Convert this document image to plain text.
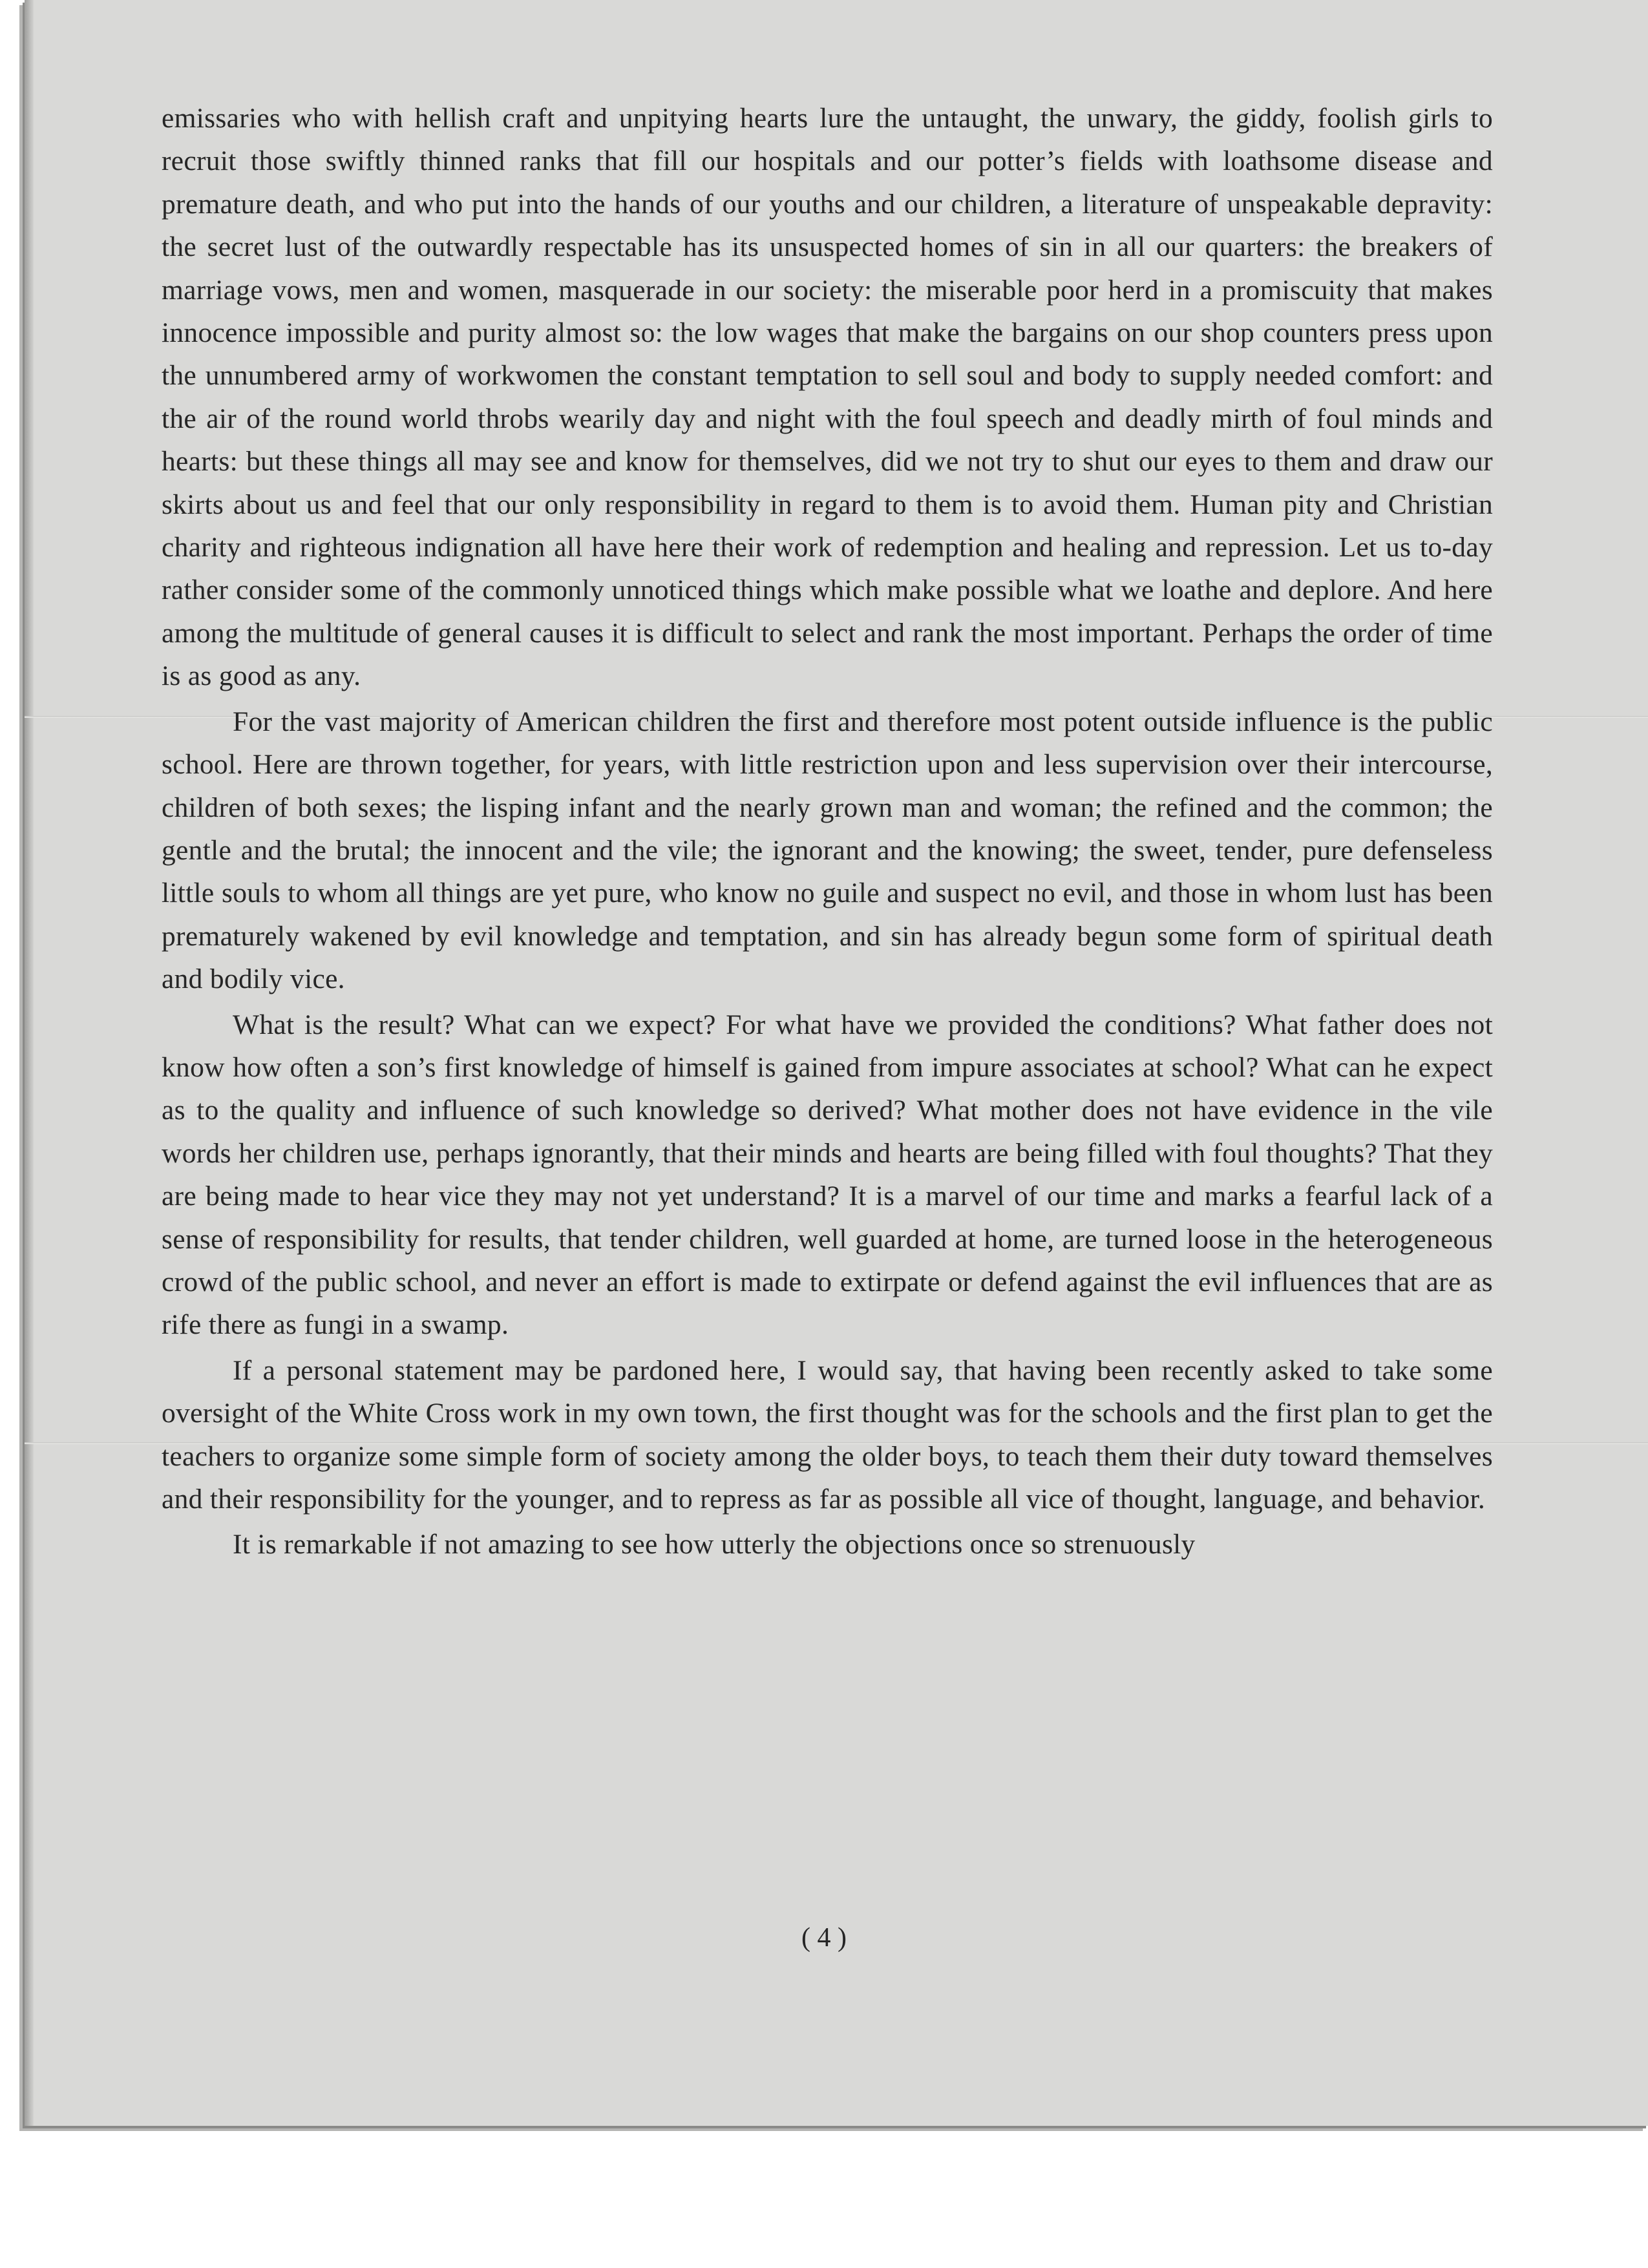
emissaries who with hellish craft and unpitying hearts lure the untaught, the unwary, the giddy, foolish girls to recruit those swiftly thinned ranks that fill our hospitals and our potter’s fields with loathsome disease and premature death, and who put into the hands of our youths and our children, a literature of unspeakable depravity: the secret lust of the outwardly respectable has its unsuspected homes of sin in all our quarters: the breakers of marriage vows, men and women, masquerade in our society: the miserable poor herd in a promiscuity that makes innocence impossible and purity almost so: the low wages that make the bargains on our shop counters press upon the unnumbered army of workwomen the constant temptation to sell soul and body to supply needed comfort: and the air of the round world throbs wearily day and night with the foul speech and deadly mirth of foul minds and hearts: but these things all may see and know for themselves, did we not try to shut our eyes to them and draw our skirts about us and feel that our only responsibility in regard to them is to avoid them. Human pity and Christian charity and righteous indignation all have here their work of redemption and healing and repression. Let us to-day rather consider some of the commonly unnoticed things which make possible what we loathe and deplore. And here among the multitude of general causes it is difficult to select and rank the most important. Perhaps the order of time is as good as any.

For the vast majority of American children the first and therefore most potent outside influence is the public school. Here are thrown together, for years, with little restriction upon and less supervision over their intercourse, children of both sexes; the lisping infant and the nearly grown man and woman; the refined and the common; the gentle and the brutal; the innocent and the vile; the ignorant and the knowing; the sweet, tender, pure defenseless little souls to whom all things are yet pure, who know no guile and suspect no evil, and those in whom lust has been prematurely wakened by evil knowledge and temptation, and sin has already begun some form of spiritual death and bodily vice.

What is the result? What can we expect? For what have we provided the conditions? What father does not know how often a son’s first knowledge of himself is gained from impure associates at school? What can he expect as to the quality and influence of such knowledge so derived? What mother does not have evidence in the vile words her children use, perhaps ignorantly, that their minds and hearts are being filled with foul thoughts? That they are being made to hear vice they may not yet understand? It is a marvel of our time and marks a fearful lack of a sense of responsibility for results, that tender children, well guarded at home, are turned loose in the heterogeneous crowd of the public school, and never an effort is made to extirpate or defend against the evil influences that are as rife there as fungi in a swamp.

If a personal statement may be pardoned here, I would say, that having been recently asked to take some oversight of the White Cross work in my own town, the first thought was for the schools and the first plan to get the teachers to organize some simple form of society among the older boys, to teach them their duty toward themselves and their responsibility for the younger, and to repress as far as possible all vice of thought, language, and behavior.

It is remarkable if not amazing to see how utterly the objections once so strenuously

( 4 )
